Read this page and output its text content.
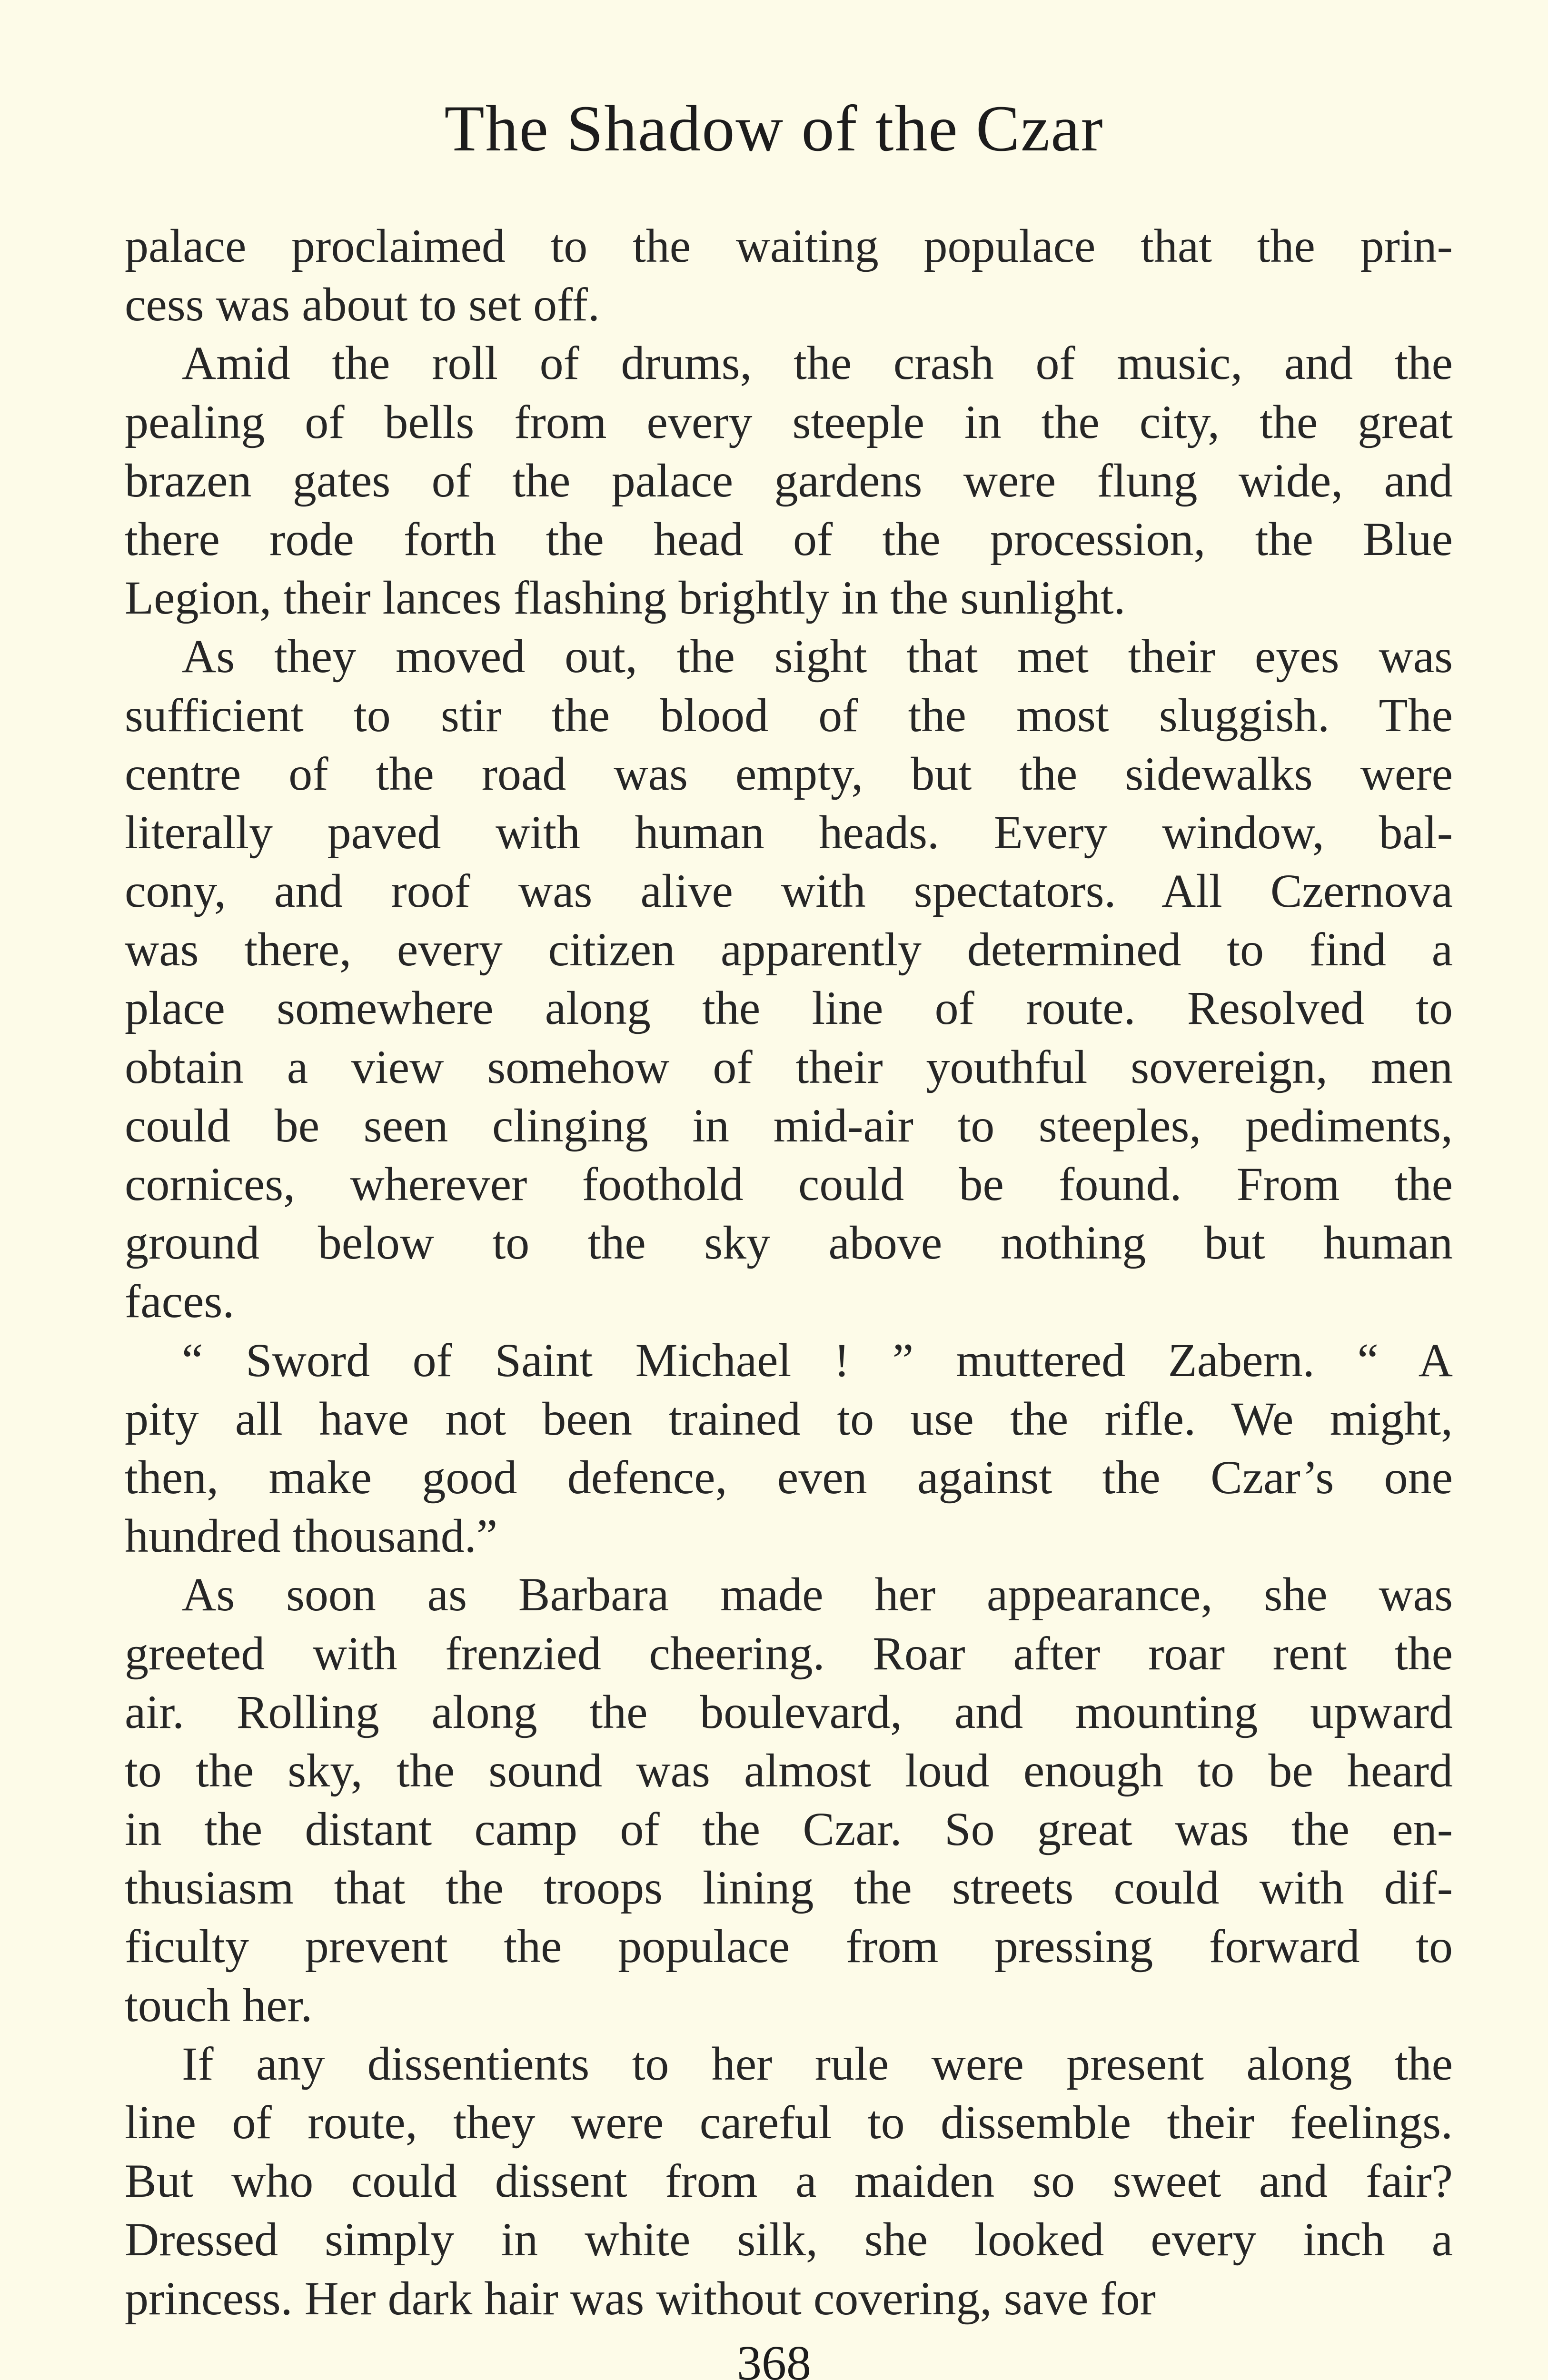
The Shadow of the Czar
palace proclaimed to the waiting populace that the prin-
cess was about to set off.
Amid the roll of drums, the crash of music, and the
pealing of bells from every steeple in the city, the great
brazen gates of the palace gardens were flung wide, and
there rode forth the head of the procession, the Blue
Legion, their lances flashing brightly in the sunlight.
As they moved out, the sight that met their eyes was
sufficient to stir the blood of the most sluggish. The
centre of the road was empty, but the sidewalks were
literally paved with human heads. Every window, bal-
cony, and roof was alive with spectators. All Czernova
was there, every citizen apparently determined to find a
place somewhere along the line of route. Resolved to
obtain a view somehow of their youthful sovereign, men
could be seen clinging in mid-air to steeples, pediments,
cornices, wherever foothold could be found. From the
ground below to the sky above nothing but human
faces.
“ Sword of Saint Michael ! ” muttered Zabern. “ A
pity all have not been trained to use the rifle. We might,
then, make good defence, even against the Czar’s one
hundred thousand.”
As soon as Barbara made her appearance, she was
greeted with frenzied cheering. Roar after roar rent the
air. Rolling along the boulevard, and mounting upward
to the sky, the sound was almost loud enough to be heard
in the distant camp of the Czar. So great was the en-
thusiasm that the troops lining the streets could with dif-
ficulty prevent the populace from pressing forward to
touch her.
If any dissentients to her rule were present along the
line of route, they were careful to dissemble their feelings.
But who could dissent from a maiden so sweet and fair?
Dressed simply in white silk, she looked every inch a
princess. Her dark hair was without covering, save for
368
